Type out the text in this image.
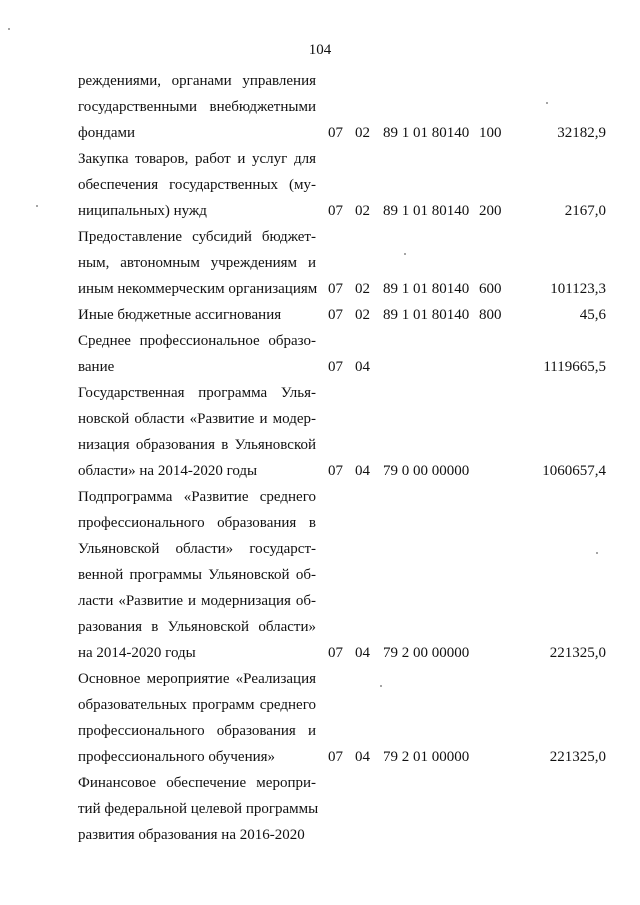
104
реждениями, органами управления
государственными внебюджетными
фондами	07 02 89 1 01 80140 100	32182,9
Закупка товаров, работ и услуг для
обеспечения государственных (му-
ниципальных) нужд	07 02 89 1 01 80140 200	2167,0
Предоставление субсидий бюджет-
ным, автономным учреждениям и
иным некоммерческим организациям 07 02 89 1 01 80140 600	101123,3
Иные бюджетные ассигнования	07 02 89 1 01 80140 800	45,6
Среднее профессиональное образо-
вание	07 04	1119665,5
Государственная программа Улья-
новской области «Развитие и модер-
низация образования в Ульяновской
области» на 2014-2020 годы	07 04 79 0 00 00000	1060657,4
Подпрограмма «Развитие среднего
профессионального образования в
Ульяновской области» государст-
венной программы Ульяновской об-
ласти «Развитие и модернизация об-
разования в Ульяновской области»
на 2014-2020 годы	07 04 79 2 00 00000	221325,0
Основное мероприятие «Реализация
образовательных программ среднего
профессионального образования и
профессионального обучения»	07 04 79 2 01 00000	221325,0
Финансовое обеспечение меропри-
тий федеральной целевой программы
развития образования на 2016-2020
